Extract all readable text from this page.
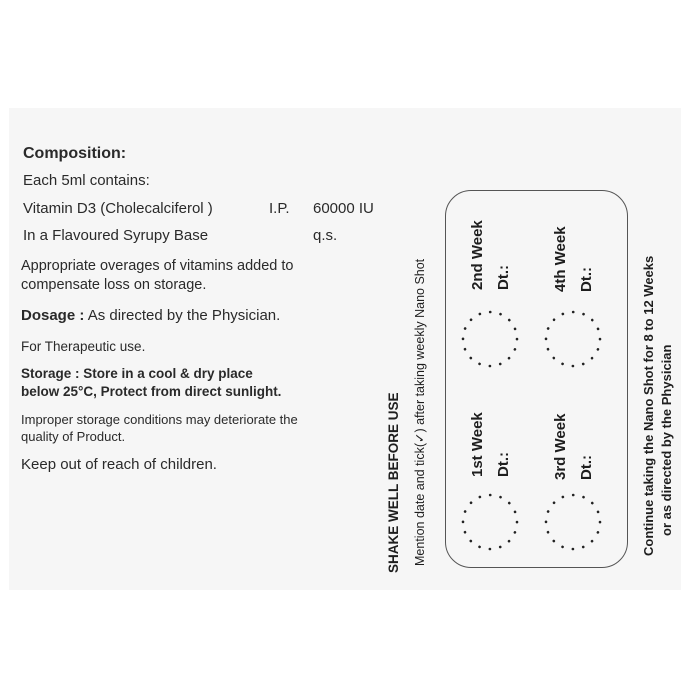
Composition:
Each 5ml contains:
Vitamin D3 (Cholecalciferol )	I.P. 60000 IU
In a Flavoured Syrupy Base	q.s.
Appropriate overages of vitamins added to
compensate loss on storage.
Dosage : As directed by the Physician.
For Therapeutic use.
Storage : Store in a cool & dry place
below 25°C, Protect from direct sunlight.
Improper storage conditions may deteriorate the
quality of Product.
Keep out of reach of children.	SHAKE WELL BEFORE USE Mention date and tick(✓) after taking weekly Nano Shot
2nd Week Dt.:	4th Week Dt.:
1st Week Dt.:	3rd Week Dt.:	Continue taking the Nano Shot for 8 to 12 Weeks or as directed by the Physician
